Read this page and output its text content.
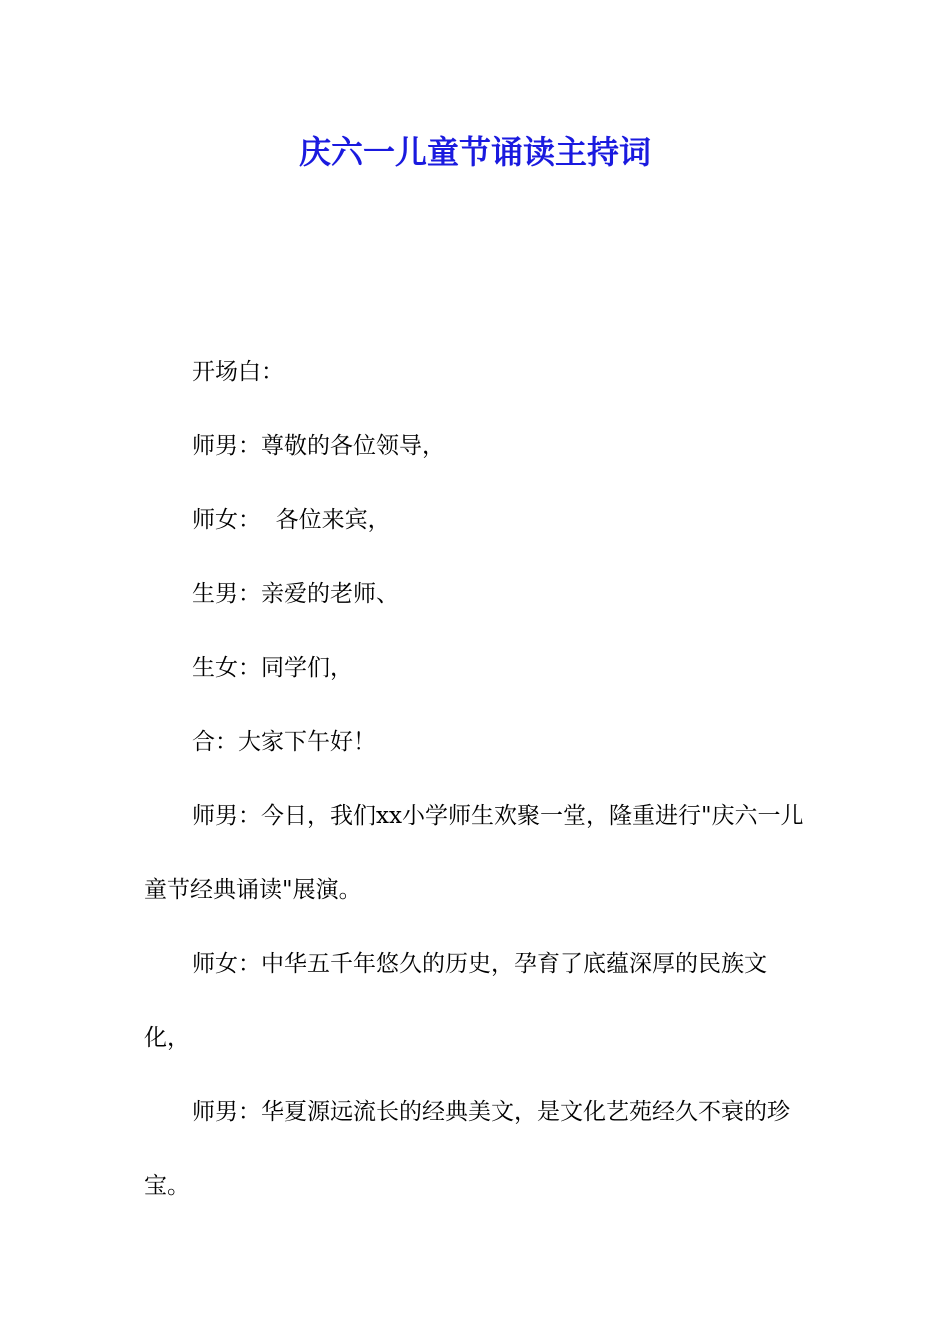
庆六一儿童节诵读主持词

开场白：

师男：尊敬的各位领导，

师女：  各位来宾，

生男：亲爱的老师、

生女：同学们，

合：大家下午好！

师男：今日，我们xx小学师生欢聚一堂，隆重进行"庆六一儿童节经典诵读"展演。

师女：中华五千年悠久的历史，孕育了底蕴深厚的民族文化，

师男：华夏源远流长的经典美文，是文化艺苑经久不衰的珍宝。
